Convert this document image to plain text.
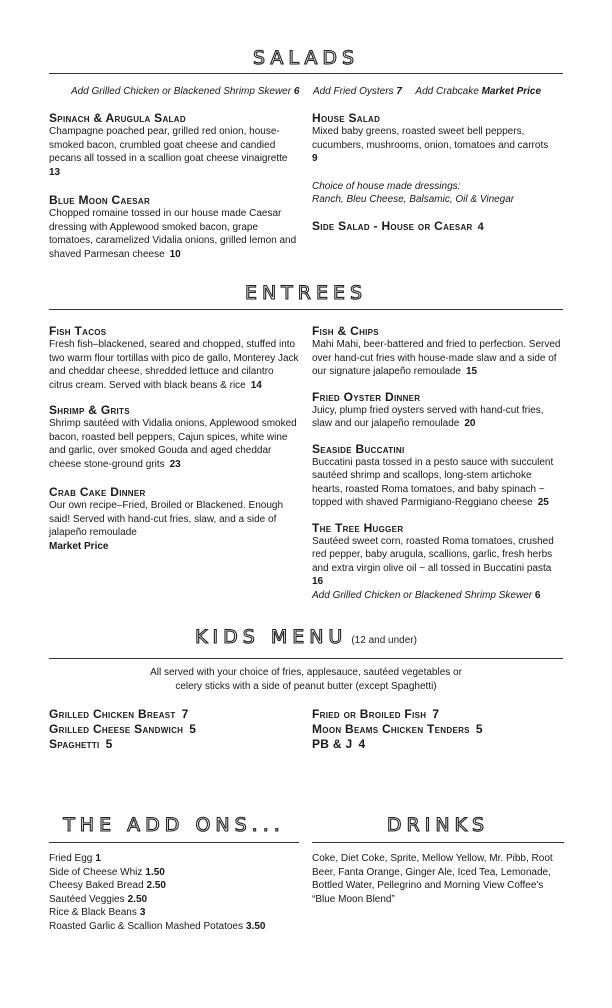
SALADS
Add Grilled Chicken or Blackened Shrimp Skewer 6 Add Fried Oysters 7 Add Crabcake Market Price
Spinach & Arugula Salad
Champagne poached pear, grilled red onion, house-smoked bacon, crumbled goat cheese and candied pecans all tossed in a scallion goat cheese vinaigrette
13
Blue Moon Caesar
Chopped romaine tossed in our house made Caesar dressing with Applewood smoked bacon, grape tomatoes, caramelized Vidalia onions, grilled lemon and shaved Parmesan cheese 10
House Salad
Mixed baby greens, roasted sweet bell peppers, cucumbers, mushrooms, onion, tomatoes and carrots
9
Choice of house made dressings:
Ranch, Bleu Cheese, Balsamic, Oil & Vinegar
Side Salad - House or Caesar 4
ENTREES
Fish Tacos
Fresh fish–blackened, seared and chopped, stuffed into two warm flour tortillas with pico de gallo, Monterey Jack and cheddar cheese, shredded lettuce and cilantro citrus cream. Served with black beans & rice 14
Shrimp & Grits
Shrimp sautéed with Vidalia onions, Applewood smoked bacon, roasted bell peppers, Cajun spices, white wine and garlic, over smoked Gouda and aged cheddar cheese stone-ground grits 23
Crab Cake Dinner
Our own recipe–Fried, Broiled or Blackened. Enough said! Served with hand-cut fries, slaw, and a side of jalapeño remoulade
Market Price
Fish & Chips
Mahi Mahi, beer-battered and fried to perfection. Served over hand-cut fries with house-made slaw and a side of our signature jalapeño remoulade 15
Fried Oyster Dinner
Juicy, plump fried oysters served with hand-cut fries, slaw and our jalapeño remoulade 20
Seaside Buccatini
Buccatini pasta tossed in a pesto sauce with succulent sautéed shrimp and scallops, long-stem artichoke hearts, roasted Roma tomatoes, and baby spinach ~ topped with shaved Parmigiano-Reggiano cheese 25
The Tree Hugger
Sautéed sweet corn, roasted Roma tomatoes, crushed red pepper, baby arugula, scallions, garlic, fresh herbs and extra virgin olive oil ~ all tossed in Buccatini pasta
16
Add Grilled Chicken or Blackened Shrimp Skewer 6
KIDS MENU (12 and under)
All served with your choice of fries, applesauce, sautéed vegetables or
celery sticks with a side of peanut butter (except Spaghetti)
Grilled Chicken Breast 7
Grilled Cheese Sandwich 5
Spaghetti 5
Fried or Broiled Fish 7
Moon Beams Chicken Tenders 5
PB & J 4
THE ADD ONS...
Fried Egg 1
Side of Cheese Whiz 1.50
Cheesy Baked Bread 2.50
Sautéed Veggies 2.50
Rice & Black Beans 3
Roasted Garlic & Scallion Mashed Potatoes 3.50
DRINKS
Coke, Diet Coke, Sprite, Mellow Yellow, Mr. Pibb, Root Beer, Fanta Orange, Ginger Ale, Iced Tea, Lemonade, Bottled Water, Pellegrino and Morning View Coffee's “Blue Moon Blend”
